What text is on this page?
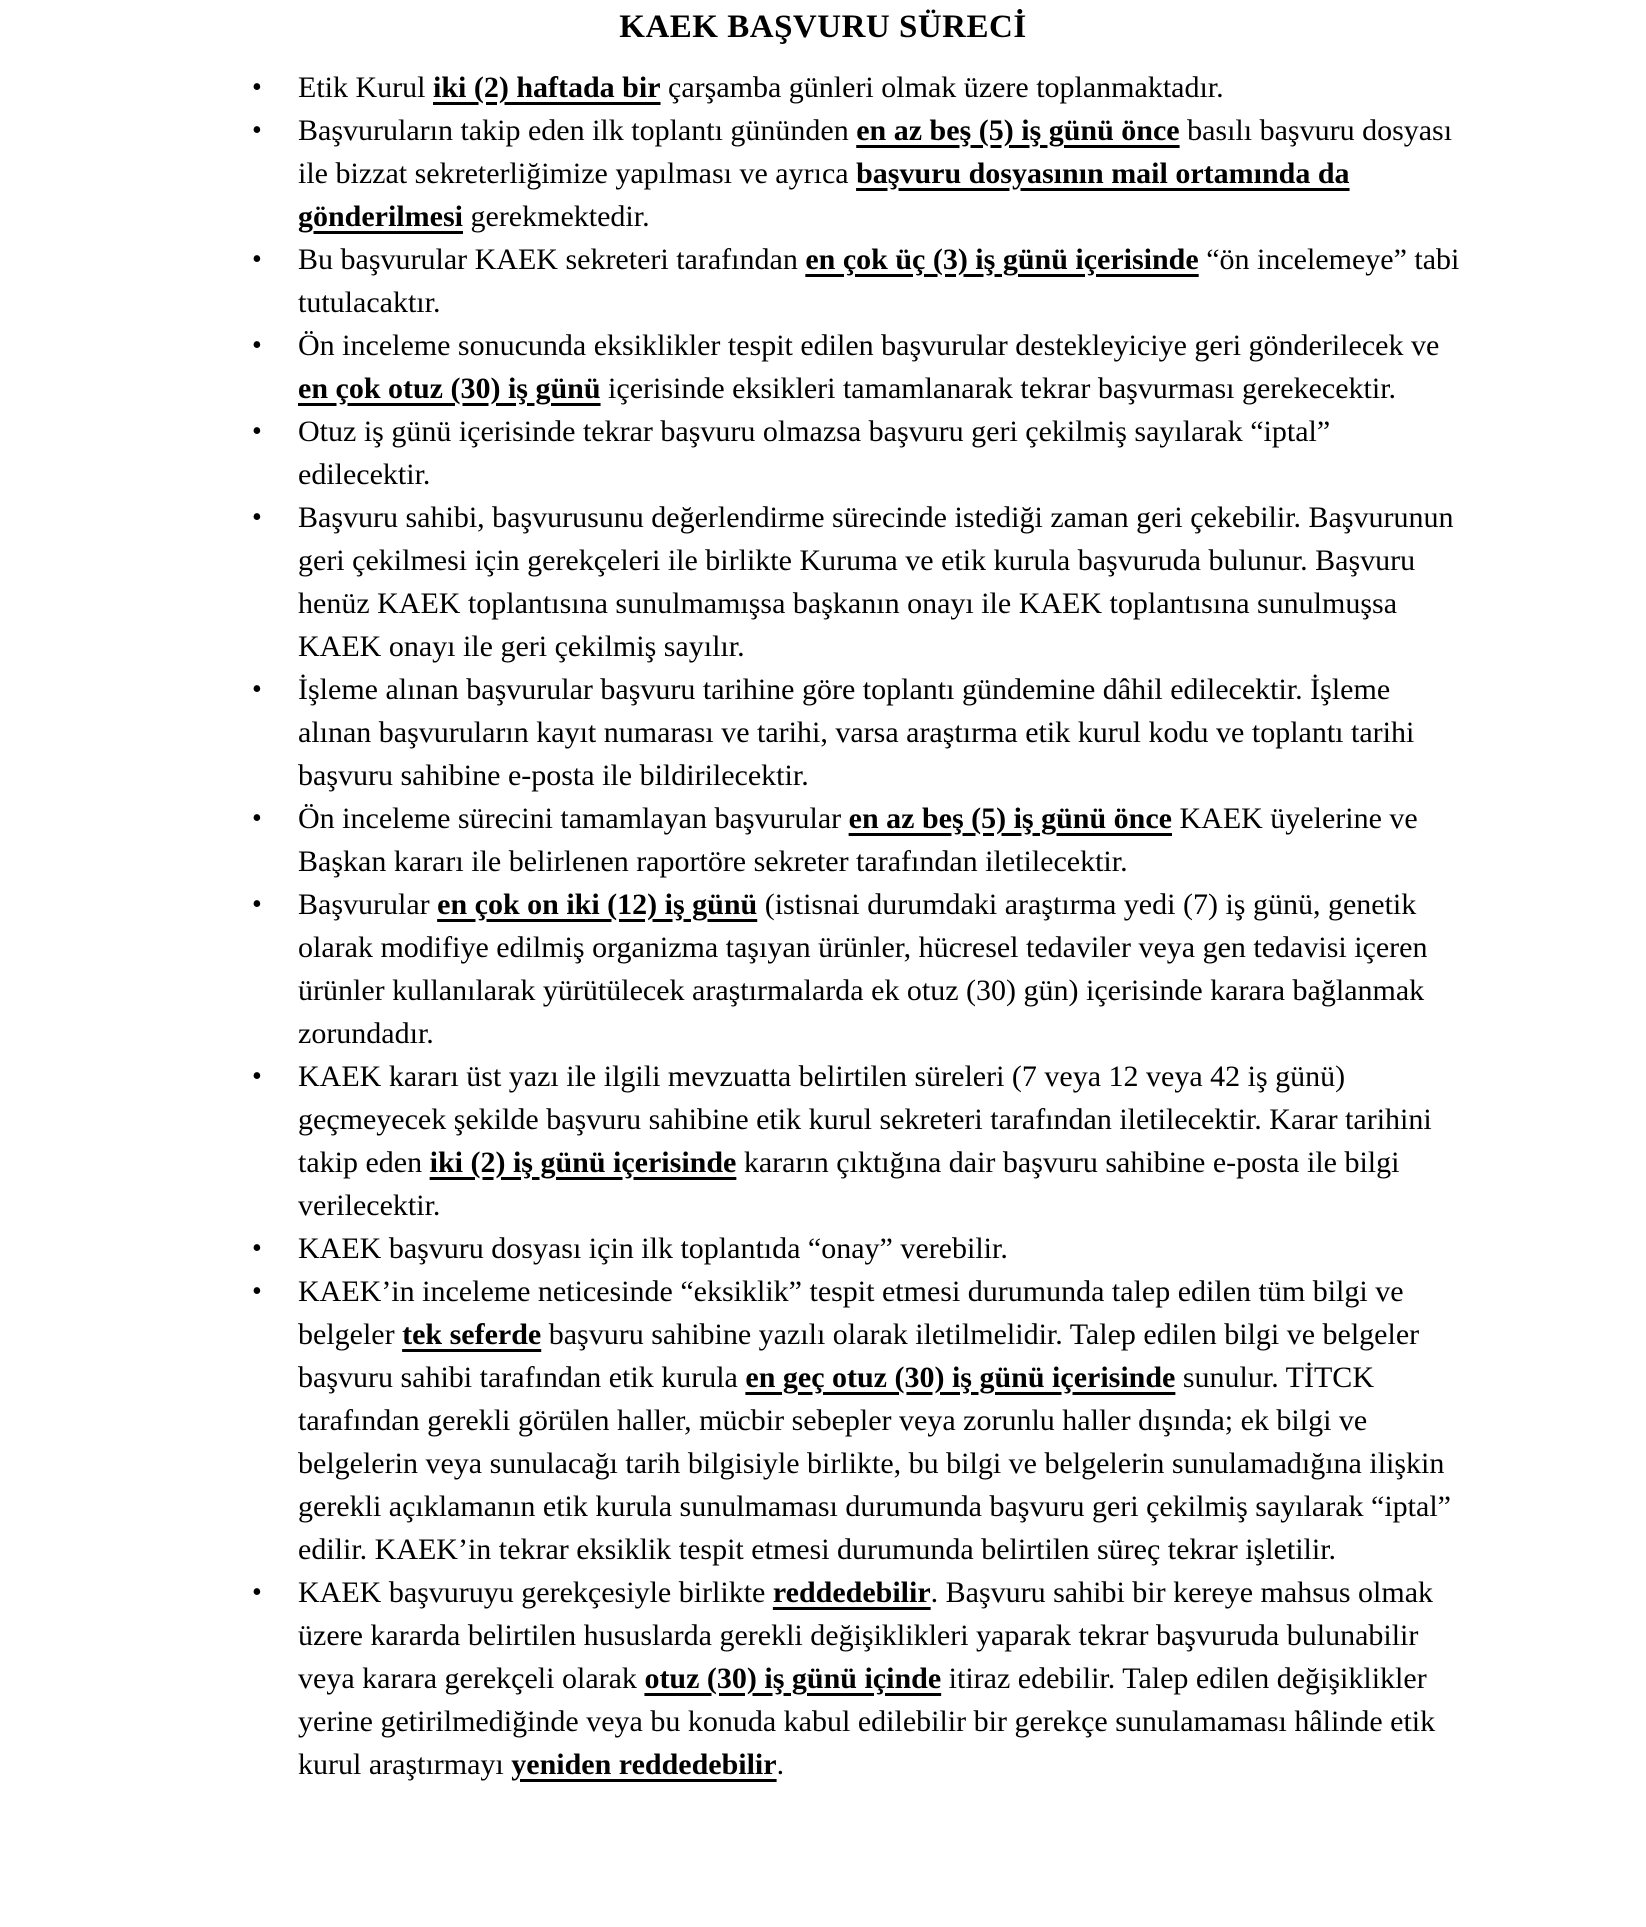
KAEK BAŞVURU SÜRECİ
• Etik Kurul iki (2) haftada bir çarşamba günleri olmak üzere toplanmaktadır.
• Başvuruların takip eden ilk toplantı gününden en az beş (5) iş günü önce basılı başvuru dosyası ile bizzat sekreterliğimize yapılması ve ayrıca başvuru dosyasının mail ortamında da gönderilmesi gerekmektedir.
• Bu başvurular KAEK sekreteri tarafından en çok üç (3) iş günü içerisinde “ön incelemeye” tabi tutulacaktır.
• Ön inceleme sonucunda eksiklikler tespit edilen başvurular destekleyiciye geri gönderilecek ve en çok otuz (30) iş günü içerisinde eksikleri tamamlanarak tekrar başvurması gerekecektir.
• Otuz iş günü içerisinde tekrar başvuru olmazsa başvuru geri çekilmiş sayılarak “iptal” edilecektir.
• Başvuru sahibi, başvurusunu değerlendirme sürecinde istediği zaman geri çekebilir. Başvurunun geri çekilmesi için gerekçeleri ile birlikte Kuruma ve etik kurula başvuruda bulunur. Başvuru henüz KAEK toplantısına sunulmamışsa başkanın onayı ile KAEK toplantısına sunulmuşsa KAEK onayı ile geri çekilmiş sayılır.
• İşleme alınan başvurular başvuru tarihine göre toplantı gündemine dâhil edilecektir. İşleme alınan başvuruların kayıt numarası ve tarihi, varsa araştırma etik kurul kodu ve toplantı tarihi başvuru sahibine e-posta ile bildirilecektir.
• Ön inceleme sürecini tamamlayan başvurular en az beş (5) iş günü önce KAEK üyelerine ve Başkan kararı ile belirlenen raportöre sekreter tarafından iletilecektir.
• Başvurular en çok on iki (12) iş günü (istisnai durumdaki araştırma yedi (7) iş günü, genetik olarak modifiye edilmiş organizma taşıyan ürünler, hücresel tedaviler veya gen tedavisi içeren ürünler kullanılarak yürütülecek araştırmalarda ek otuz (30) gün) içerisinde karara bağlanmak zorundadır.
• KAEK kararı üst yazı ile ilgili mevzuatta belirtilen süreleri (7 veya 12 veya 42 iş günü) geçmeyecek şekilde başvuru sahibine etik kurul sekreteri tarafından iletilecektir. Karar tarihini takip eden iki (2) iş günü içerisinde kararın çıktığına dair başvuru sahibine e-posta ile bilgi verilecektir.
• KAEK başvuru dosyası için ilk toplantıda “onay” verebilir.
• KAEK’in inceleme neticesinde “eksiklik” tespit etmesi durumunda talep edilen tüm bilgi ve belgeler tek seferde başvuru sahibine yazılı olarak iletilmelidir. Talep edilen bilgi ve belgeler başvuru sahibi tarafından etik kurula en geç otuz (30) iş günü içerisinde sunulur. TİTCK tarafından gerekli görülen haller, mücbir sebepler veya zorunlu haller dışında; ek bilgi ve belgelerin veya sunulacağı tarih bilgisiyle birlikte, bu bilgi ve belgelerin sunulamadığına ilişkin gerekli açıklamanın etik kurula sunulmaması durumunda başvuru geri çekilmiş sayılarak “iptal” edilir. KAEK’in tekrar eksiklik tespit etmesi durumunda belirtilen süreç tekrar işletilir.
• KAEK başvuruyu gerekçesiyle birlikte reddedebilir. Başvuru sahibi bir kereye mahsus olmak üzere kararda belirtilen hususlarda gerekli değişiklikleri yaparak tekrar başvuruda bulunabilir veya karara gerekçeli olarak otuz (30) iş günü içinde itiraz edebilir. Talep edilen değişiklikler yerine getirilmediğinde veya bu konuda kabul edilebilir bir gerekçe sunulamaması hâlinde etik kurul araştırmayı yeniden reddedebilir.
